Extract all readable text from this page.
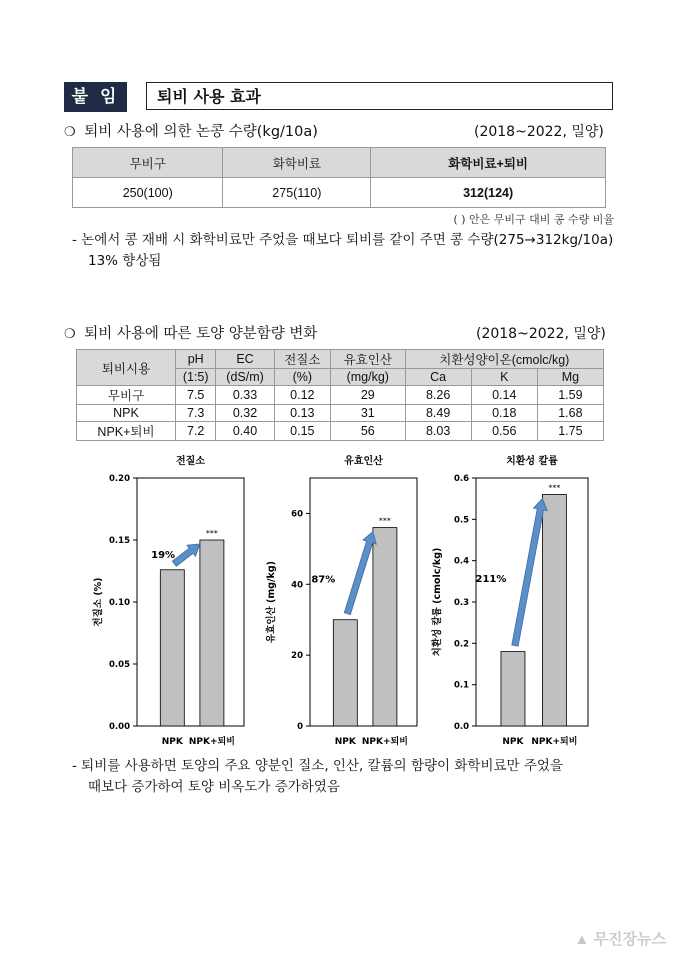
붙 임	퇴비 사용 효과
❍ 퇴비 사용에 의한 논콩 수량(kg/10a)	(2018~2022, 밀양)
무비구	화학비료	화학비료+퇴비
250(100)	275(110)	312(124)
( ) 안은 무비구 대비 콩 수량 비율
- 논에서 콩 재배 시 화학비료만 주었을 때보다 퇴비를 같이 주면 콩 수량(275→312kg/10a)
13% 향상됨
❍ 퇴비 사용에 따른 토양 양분함량 변화	(2018~2022, 밀양)
퇴비시용	pH	EC	전질소	유효인산	치환성양이온(cmolc/kg)		
	(1:5)	(dS/m)	(%)	(mg/kg)	Ca	K	Mg
무비구	7.5	0.33	0.12	29	8.26	0.14	1.59
NPK	7.3	0.32	0.13	31	8.49	0.18	1.68
NPK+퇴비	7.2	0.40	0.15	56	8.03	0.56	1.75
전질소
0.00
0.05
0.10
0.15
0.20
전질소 (%)
NPK NPK+퇴비
***
19%
유효인산
0
20
40
60
유효인산 (mg/kg)
NPK NPK+퇴비
***
87%
치환성 칼륨
0.0
0.1
0.2
0.3
0.4
0.5
0.6
치환성 칼륨 (cmolc/kg)
NPK NPK+퇴비
***
211%
- 퇴비를 사용하면 토양의 주요 양분인 질소, 인산, 칼륨의 함량이 화학비료만 주었을
때보다 증가하여 토양 비옥도가 증가하였음
▲ 무진장뉴스
